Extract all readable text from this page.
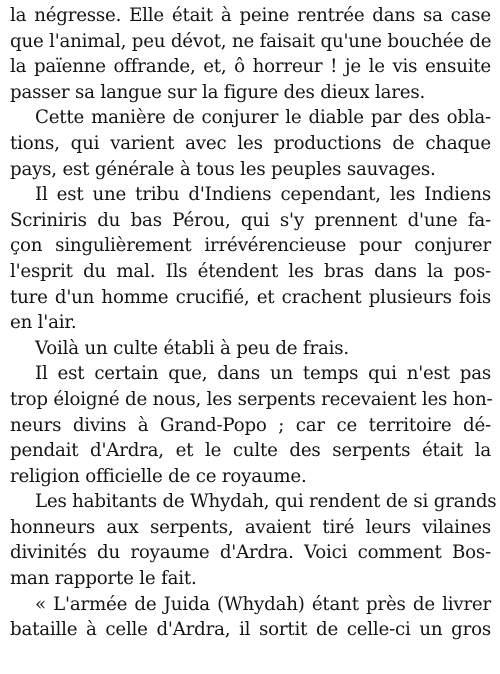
la négresse. Elle était à peine rentrée dans sa case
que l'animal, peu dévot, ne faisait qu'une bouchée de
la païenne offrande, et, ô horreur ! je le vis ensuite
passer sa langue sur la figure des dieux lares.
Cette manière de conjurer le diable par des obla-
tions, qui varient avec les productions de chaque
pays, est générale à tous les peuples sauvages.
Il est une tribu d'Indiens cependant, les Indiens
Scriniris du bas Pérou, qui s'y prennent d'une fa-
çon singulièrement irrévérencieuse pour conjurer
l'esprit du mal. Ils étendent les bras dans la pos-
ture d'un homme crucifié, et crachent plusieurs fois
en l'air.
Voilà un culte établi à peu de frais.
Il est certain que, dans un temps qui n'est pas
trop éloigné de nous, les serpents recevaient les hon-
neurs divins à Grand-Popo ; car ce territoire dé-
pendait d'Ardra, et le culte des serpents était la
religion officielle de ce royaume.
Les habitants de Whydah, qui rendent de si grands
honneurs aux serpents, avaient tiré leurs vilaines
divinités du royaume d'Ardra. Voici comment Bos-
man rapporte le fait.
« L'armée de Juida (Whydah) étant près de livrer
bataille à celle d'Ardra, il sortit de celle-ci un gros
